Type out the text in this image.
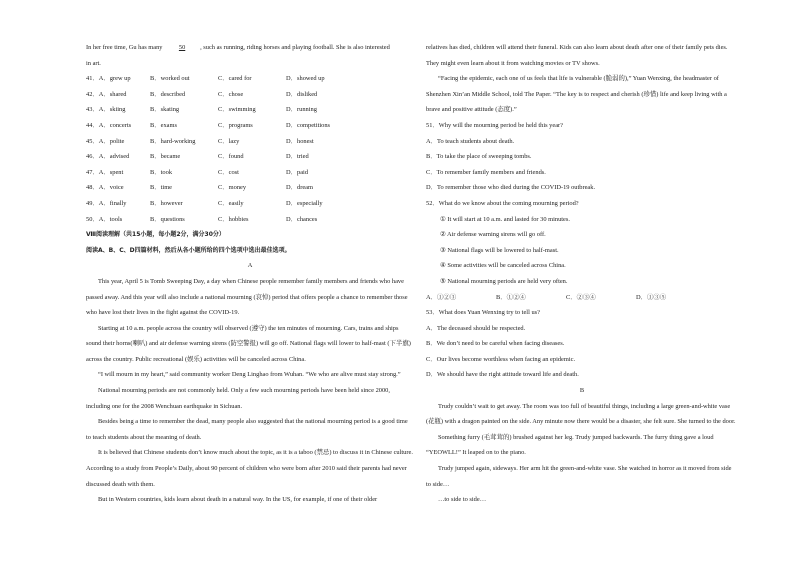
In her free time, Gu has many 50 , such as running, riding horses and playing football. She is also interested

in art.

41．A．grew up	B．worked out	C．cared for	D．showed up
42．A．shared	B．described	C．chose	D．disliked
43．A．skiing	B．skating	C．swimming	D．running
44．A．concerts	B．exams	C．programs	D．competitions
45．A．polite	B．hard-working	C．lazy	D．honest
46．A．advised	B．became	C．found	D．tried
47．A．spent	B．took	C．cost	D．paid
48．A．voice	B．time	C．money	D．dream
49．A．finally	B．however	C．easily	D．especially
50．A．tools	B．questions	C．hobbies	D．chances

Ⅷ阅读理解（共15小题，每小题2分，满分30分）

阅读A、B、C、D四篇材料，然后从各小题所给的四个选项中选出最佳选项。

A

This year, April 5 is Tomb Sweeping Day, a day when Chinese people remember family members and friends who have passed away. And this year will also include a national mourning (哀悼) period that offers people a chance to remember those who have lost their lives in the fight against the COVID-19.

Starting at 10 a.m. people across the country will observed (遵守) the ten minutes of mourning. Cars, trains and ships sound their horns(喇叭) and air defense warning sirens (防空警报) will go off. National flags will lower to half-mast (下半旗) across the country. Public recreational (娱乐) activities will be canceled across China.

“I will mourn in my heart,” said community worker Deng Linghao from Wuhan. “We who are alive must stay strong.”

National mourning periods are not commonly held. Only a few such mourning periods have been held since 2000, including one for the 2008 Wenchuan earthquake in Sichuan.

Besides being a time to remember the dead, many people also suggested that the national mourning period is a good time to teach students about the meaning of death.

It is believed that Chinese students don’t know much about the topic, as it is a taboo (禁忌) to discuss it in Chinese culture. According to a study from People’s Daily, about 90 percent of children who were born after 2010 said their parents had never discussed death with them.

But in Western countries, kids learn about death in a natural way. In the US, for example, if one of their older

relatives has died, children will attend their funeral. Kids can also learn about death after one of their family pets dies. They might even learn about it from watching movies or TV shows.

“Facing the epidemic, each one of us feels that life is vulnerable (脆弱的),” Yuan Wenxing, the headmaster of Shenzhen Xin’an Middle School, told The Paper. “The key is to respect and cherish (珍惜) life and keep living with a brave and positive attitude (态度).”

51．Why will the mourning period be held this year?

A．To teach students about death.

B．To take the place of sweeping tombs.

C．To remember family members and friends.

D．To remember those who died during the COVID-19 outbreak.

52．What do we know about the coming mourning period?

① It will start at 10 a.m. and lasted for 30 minutes.

② Air defense warning sirens will go off.

③ National flags will be lowered to half-mast.

④ Some activities will be canceled across China.

⑤ National mourning periods are held very often.

A．①②③	B．①②④	C．②③④	D．①③⑤

53．What does Yuan Wenxing try to tell us?

A．The deceased should be respected.

B．We don’t need to be careful when facing diseases.

C．Our lives become worthless when facing an epidemic.

D．We should have the right attitude toward life and death.

B

Trudy couldn’t wait to get away. The room was too full of beautiful things, including a large green-and-white vase (花瓶) with a dragon painted on the side. Any minute now there would be a disaster, she felt sure. She turned to the door.

Something furry (毛茸茸的) brushed against her leg. Trudy jumped backwards. The furry thing gave a loud “YEOWLL!” It leaped on to the piano.

Trudy jumped again, sideways. Her arm hit the green-and-white vase. She watched in horror as it moved from side to side…

…to side to side…
